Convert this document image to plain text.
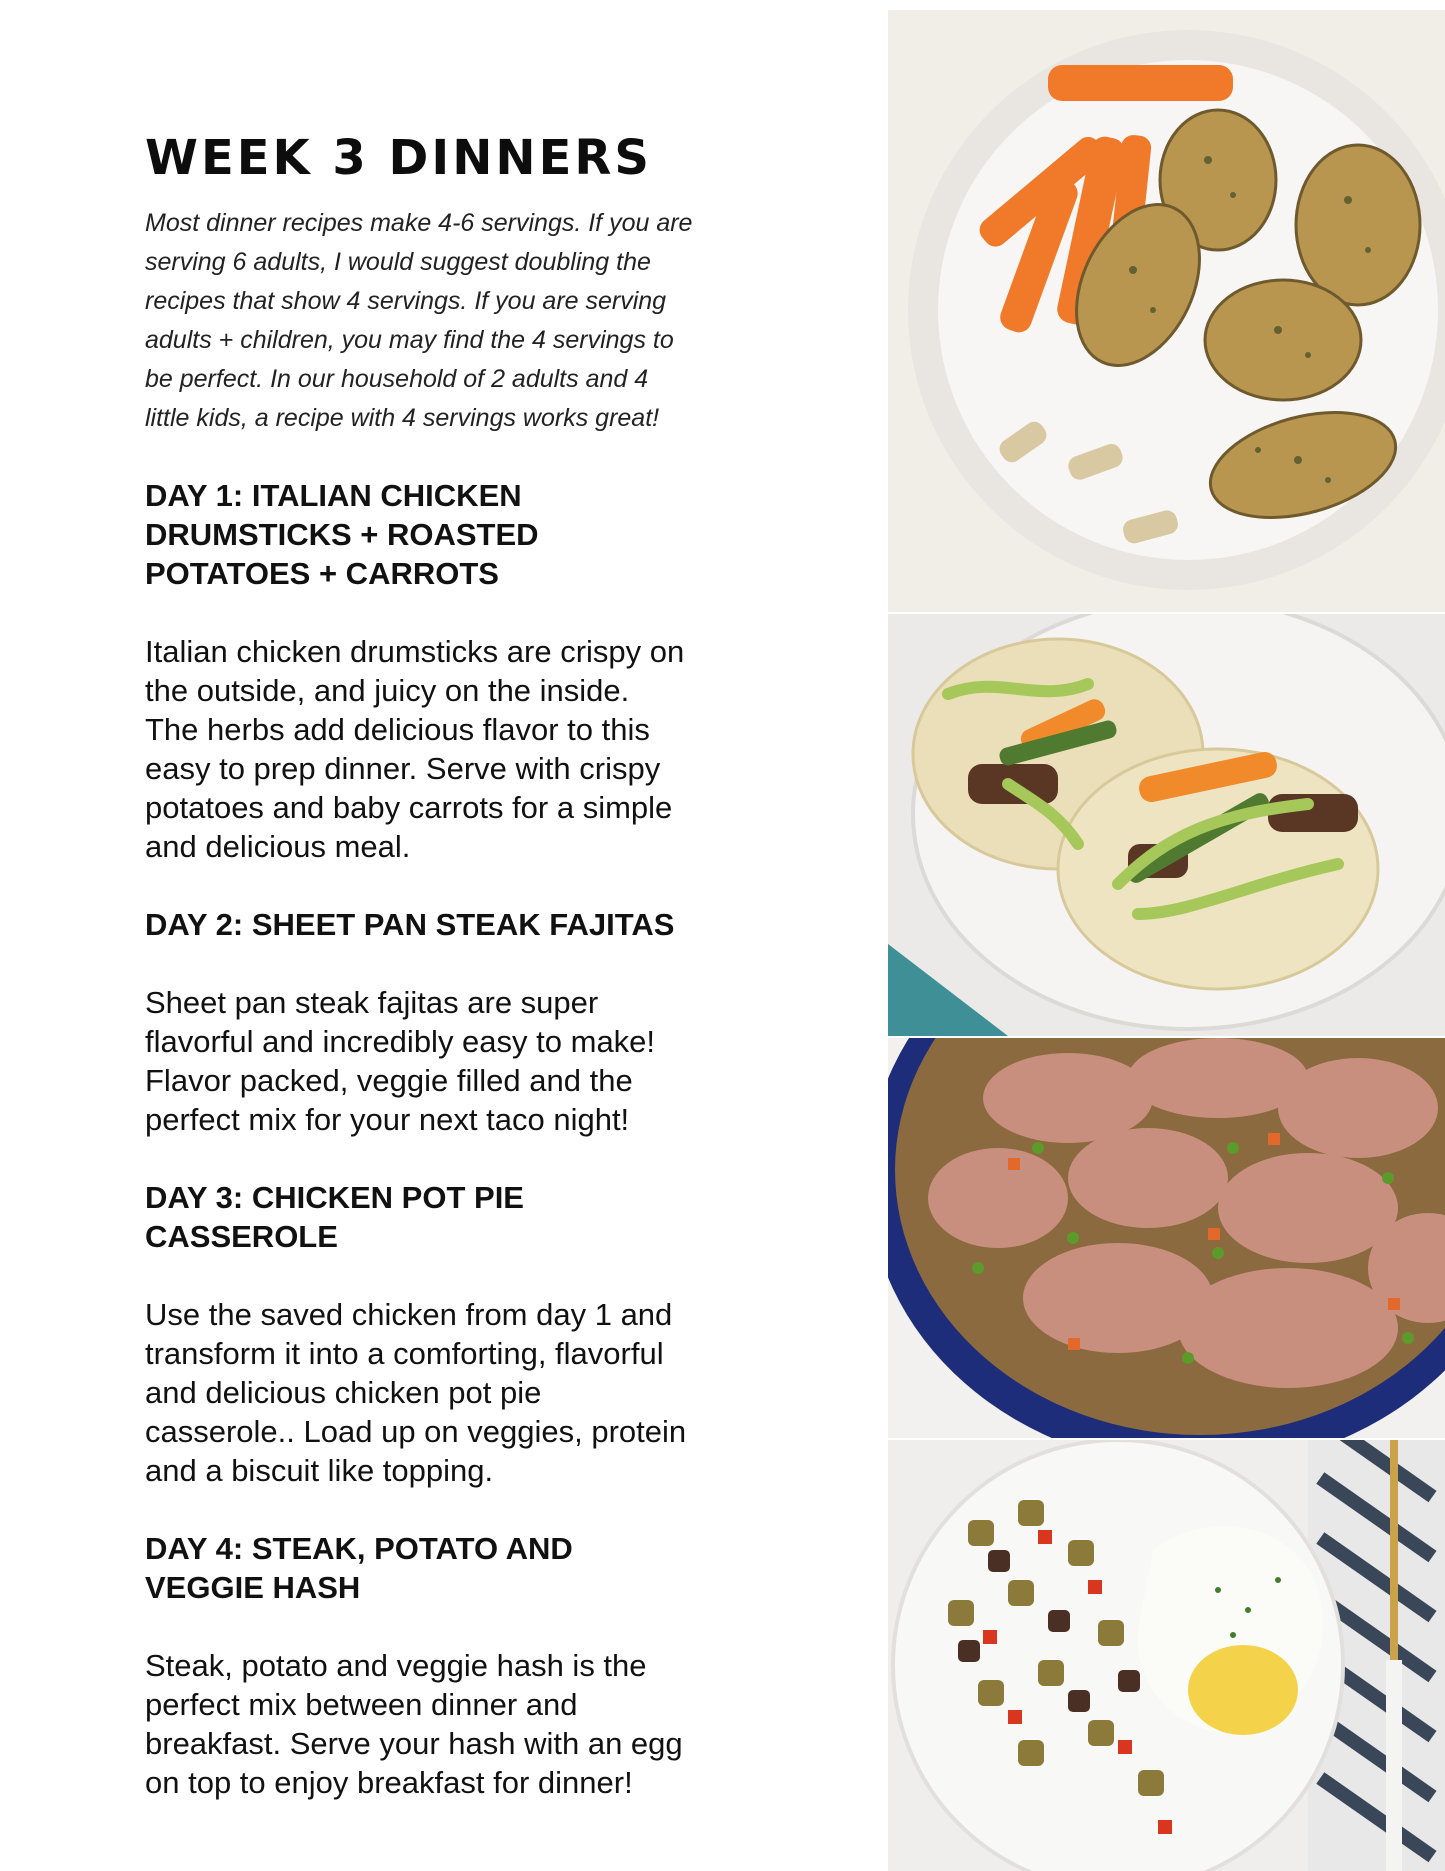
WEEK 3 DINNERS

Most dinner recipes make 4-6 servings. If you are
serving 6 adults, I would suggest doubling the
recipes that show 4 servings. If you are serving
adults + children, you may find the 4 servings to
be perfect. In our household of 2 adults and 4
little kids, a recipe with 4 servings works great!

DAY 1: ITALIAN CHICKEN
DRUMSTICKS + ROASTED
POTATOES + CARROTS

Italian chicken drumsticks are crispy on
the outside, and juicy on the inside.
The herbs add delicious flavor to this
easy to prep dinner. Serve with crispy
potatoes and baby carrots for a simple
and delicious meal.

DAY 2: SHEET PAN STEAK FAJITAS

Sheet pan steak fajitas are super
flavorful and incredibly easy to make!
Flavor packed, veggie filled and the
perfect mix for your next taco night!

DAY 3: CHICKEN POT PIE
CASSEROLE

Use the saved chicken from day 1 and
transform it into a comforting, flavorful
and delicious chicken pot pie
casserole.. Load up on veggies, protein
and a biscuit like topping.

DAY 4: STEAK, POTATO AND
VEGGIE HASH

Steak, potato and veggie hash is the
perfect mix between dinner and
breakfast. Serve your hash with an egg
on top to enjoy breakfast for dinner!
